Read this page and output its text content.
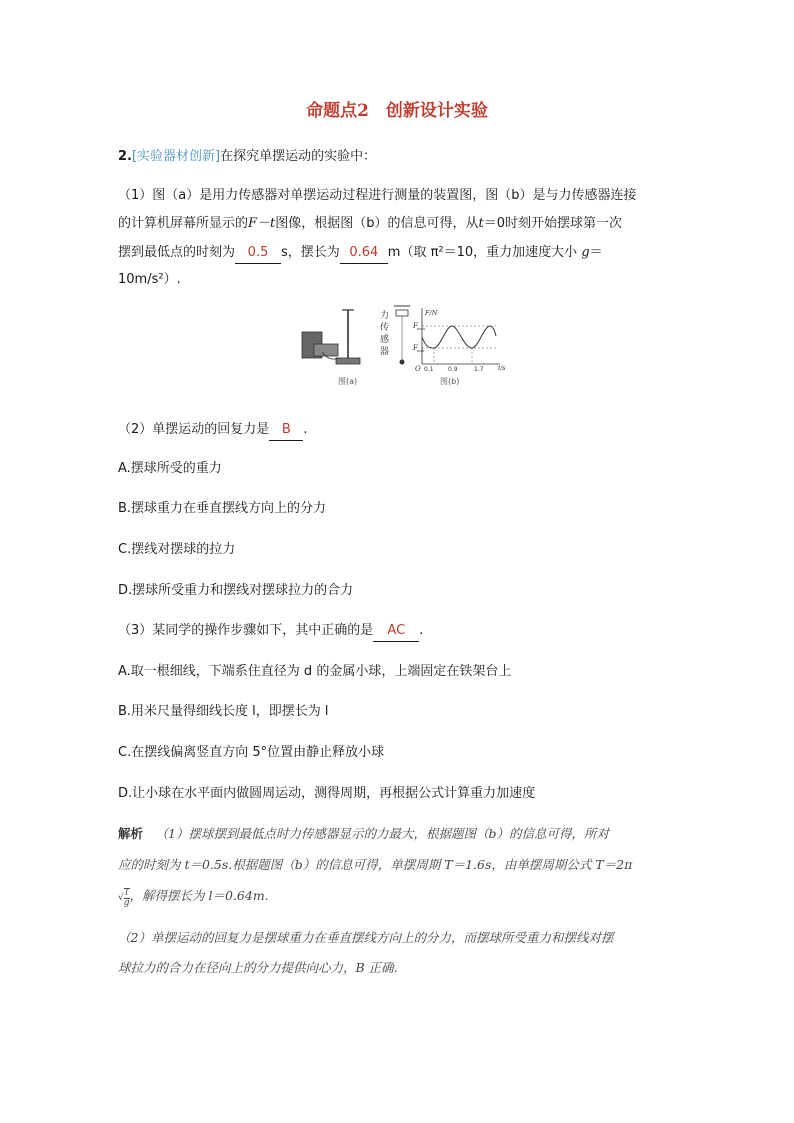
命题点2　创新设计实验
2.[实验器材创新]在探究单摆运动的实验中：
（1）图（a）是用力传感器对单摆运动过程进行测量的装置图，图（b）是与力传感器连接
的计算机屏幕所显示的F－t图像，根据图（b）的信息可得，从t＝0时刻开始摆球第一次
摆到最低点的时刻为 0.5 s，摆长为 0.64 m（取 π²＝10，重力加速度大小 g＝
10m/s²）.
力
传
感
器
F/N
t/s
O
Fmax
Fmin
0.1 0.9	1.7
图(a)	图(b)
（2）单摆运动的回复力是 B .
A.摆球所受的重力
B.摆球重力在垂直摆线方向上的分力
C.摆线对摆球的拉力
D.摆球所受重力和摆线对摆球拉力的合力
（3）某同学的操作步骤如下，其中正确的是 AC .
A.取一根细线，下端系住直径为 d 的金属小球，上端固定在铁架台上
B.用米尺量得细线长度 l，即摆长为 l
C.在摆线偏离竖直方向 5°位置由静止释放小球
D.让小球在水平面内做圆周运动，测得周期，再根据公式计算重力加速度
解析  （1）摆球摆到最低点时力传感器显示的力最大，根据题图（b）的信息可得，所对
应的时刻为 t＝0.5s.根据题图（b）的信息可得，单摆周期 T＝1.6s，由单摆周期公式 T＝2π
√ $\frac{l}{g}$ ，解得摆长为 l＝0.64m.
（2）单摆运动的回复力是摆球重力在垂直摆线方向上的分力，而摆球所受重力和摆线对摆
球拉力的合力在径向上的分力提供向心力，B 正确.
